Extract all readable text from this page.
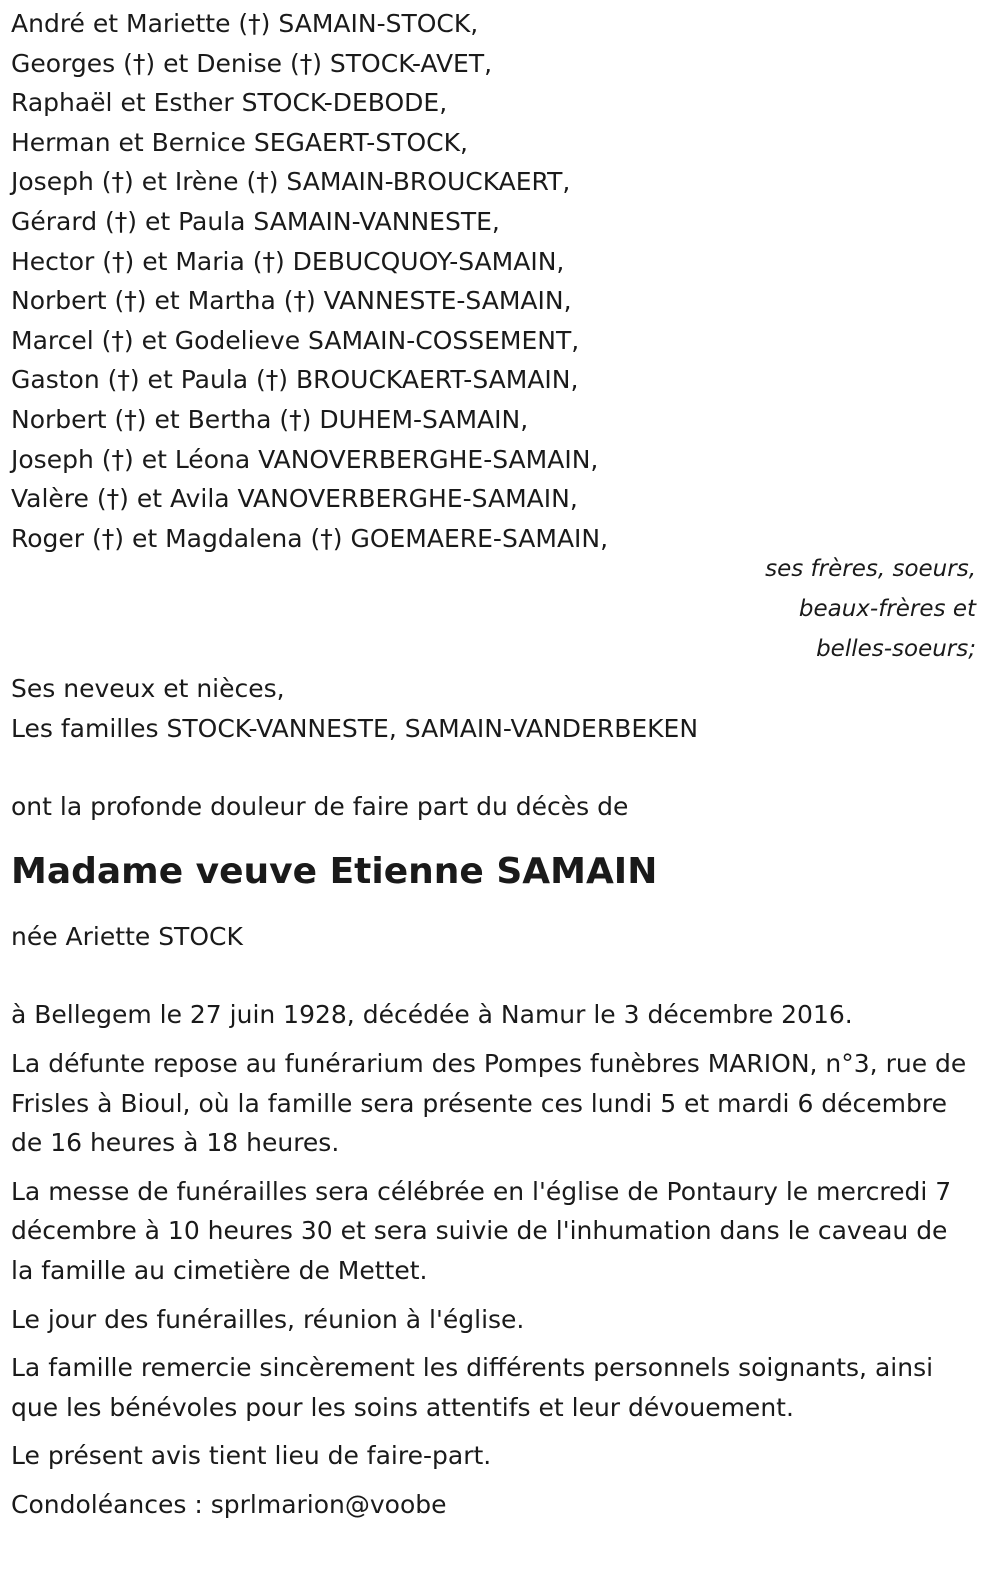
André et Mariette (†) SAMAIN-STOCK,
Georges (†) et Denise (†) STOCK-AVET,
Raphaël et Esther STOCK-DEBODE,
Herman et Bernice SEGAERT-STOCK,
Joseph (†) et Irène (†) SAMAIN-BROUCKAERT,
Gérard (†) et Paula SAMAIN-VANNESTE,
Hector (†) et Maria (†) DEBUCQUOY-SAMAIN,
Norbert (†) et Martha (†) VANNESTE-SAMAIN,
Marcel (†) et Godelieve SAMAIN-COSSEMENT,
Gaston (†) et Paula (†) BROUCKAERT-SAMAIN,
Norbert (†) et Bertha (†) DUHEM-SAMAIN,
Joseph (†) et Léona VANOVERBERGHE-SAMAIN,
Valère (†) et Avila VANOVERBERGHE-SAMAIN,
Roger (†) et Magdalena (†) GOEMAERE-SAMAIN,
ses frères, soeurs,
beaux-frères et
belles-soeurs;
Ses neveux et nièces,
Les familles STOCK-VANNESTE, SAMAIN-VANDERBEKEN
ont la profonde douleur de faire part du décès de
Madame veuve Etienne SAMAIN
née Ariette STOCK

à Bellegem le 27 juin 1928, décédée à Namur le 3 décembre 2016.

La défunte repose au funérarium des Pompes funèbres MARION, n°3, rue de Frisles à Bioul, où la famille sera présente ces lundi 5 et mardi 6 décembre de 16 heures à 18 heures.

La messe de funérailles sera célébrée en l'église de Pontaury le mercredi 7 décembre à 10 heures 30 et sera suivie de l'inhumation dans le caveau de la famille au cimetière de Mettet.

Le jour des funérailles, réunion à l'église.

La famille remercie sincèrement les différents personnels soignants, ainsi que les bénévoles pour les soins attentifs et leur dévouement.

Le présent avis tient lieu de faire-part.

Condoléances : sprlmarion@voobe
